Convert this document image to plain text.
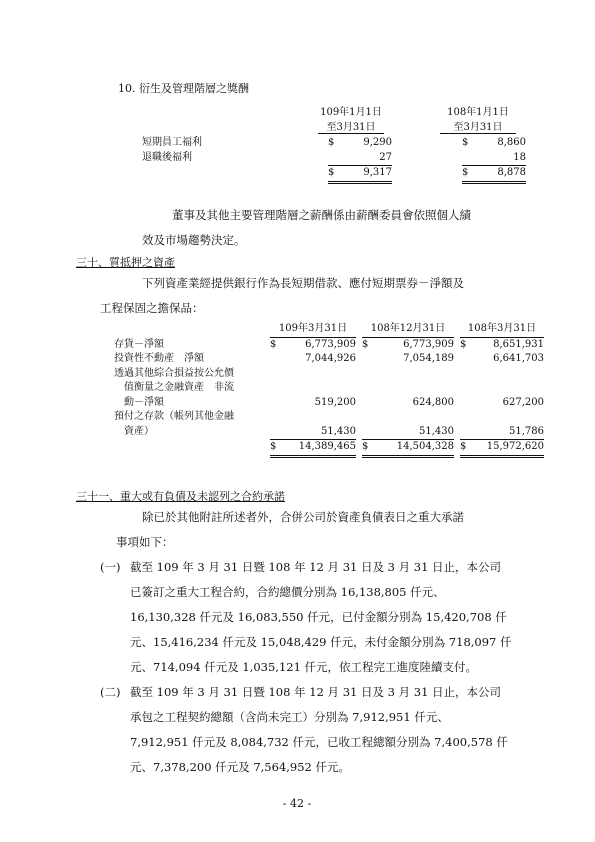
10. 衍生及管理階層之獎酬
109年1月1日
至3月31日
108年1月1日
至3月31日
短期員工福利	$	9,290		$	8,860
退職後福利		27			18
	$	9,317		$	8,878
董事及其他主要管理階層之薪酬係由薪酬委員會依照個人績
效及市場趨勢決定。
三十、質抵押之資產
下列資產業經提供銀行作為長短期借款、應付短期票券－淨額及
工程保固之擔保品：
	109年3月31日			108年12月31日			108年3月31日	
存貨－淨額	$	6,773,909		$	6,773,909		$	8,651,931
投資性不動產　淨額		7,044,926			7,054,189			6,641,703
透過其他綜合損益按公允價								
值衡量之金融資產　非流								
動－淨額		519,200			624,800			627,200
預付之存款（帳列其他金融								
資產）		51,430			51,430			51,786
	$	14,389,465		$	14,504,328		$	15,972,620
三十一、重大或有負債及未認列之合約承諾
除已於其他附註所述者外，合併公司於資產負債表日之重大承諾
事項如下：
(一) 截至 109 年 3 月 31 日暨 108 年 12 月 31 日及 3 月 31 日止，本公司
已簽訂之重大工程合約，合約總價分別為 16,138,805 仟元、
16,130,328 仟元及 16,083,550 仟元，已付金額分別為 15,420,708 仟
元、15,416,234 仟元及 15,048,429 仟元，未付金額分別為 718,097 仟
元、714,094 仟元及 1,035,121 仟元，依工程完工進度陸續支付。
(二) 截至 109 年 3 月 31 日暨 108 年 12 月 31 日及 3 月 31 日止，本公司
承包之工程契約總額（含尚未完工）分別為 7,912,951 仟元、
7,912,951 仟元及 8,084,732 仟元，已收工程總額分別為 7,400,578 仟
元、7,378,200 仟元及 7,564,952 仟元。
- 42 -
